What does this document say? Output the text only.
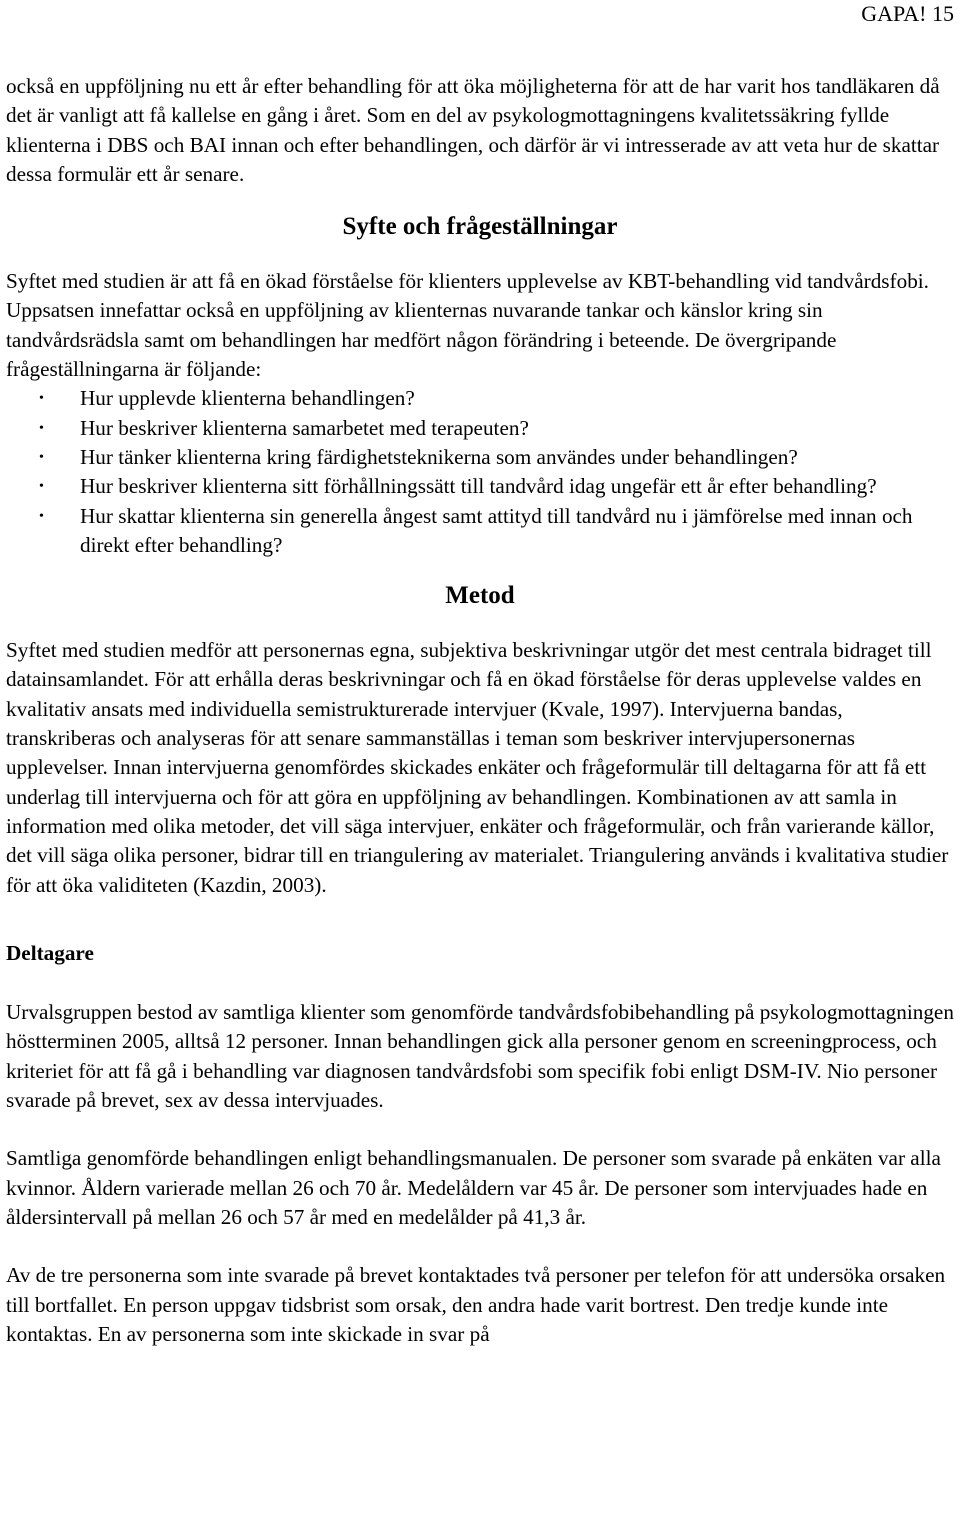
GAPA! 15

också en uppföljning nu ett år efter behandling för att öka möjligheterna för att de har varit hos tandläkaren då det är vanligt att få kallelse en gång i året. Som en del av psykologmottagningens kvalitetssäkring fyllde klienterna i DBS och BAI innan och efter behandlingen, och därför är vi intresserade av att veta hur de skattar dessa formulär ett år senare.

Syfte och frågeställningar

Syftet med studien är att få en ökad förståelse för klienters upplevelse av KBT-behandling vid tandvårdsfobi. Uppsatsen innefattar också en uppföljning av klienternas nuvarande tankar och känslor kring sin tandvårdsrädsla samt om behandlingen har medfört någon förändring i beteende. De övergripande frågeställningarna är följande:

• Hur upplevde klienterna behandlingen?
• Hur beskriver klienterna samarbetet med terapeuten?
• Hur tänker klienterna kring färdighetsteknikerna som användes under behandlingen?
• Hur beskriver klienterna sitt förhållningssätt till tandvård idag ungefär ett år efter behandling?
• Hur skattar klienterna sin generella ångest samt attityd till tandvård nu i jämförelse med innan och direkt efter behandling?
Metod

Syftet med studien medför att personernas egna, subjektiva beskrivningar utgör det mest centrala bidraget till datainsamlandet. För att erhålla deras beskrivningar och få en ökad förståelse för deras upplevelse valdes en kvalitativ ansats med individuella semistrukturerade intervjuer (Kvale, 1997). Intervjuerna bandas, transkriberas och analyseras för att senare sammanställas i teman som beskriver intervjupersonernas upplevelser. Innan intervjuerna genomfördes skickades enkäter och frågeformulär till deltagarna för att få ett underlag till intervjuerna och för att göra en uppföljning av behandlingen. Kombinationen av att samla in information med olika metoder, det vill säga intervjuer, enkäter och frågeformulär, och från varierande källor, det vill säga olika personer, bidrar till en triangulering av materialet. Triangulering används i kvalitativa studier för att öka validiteten (Kazdin, 2003).

Deltagare

Urvalsgruppen bestod av samtliga klienter som genomförde tandvårdsfobibehandling på psykologmottagningen höstterminen 2005, alltså 12 personer. Innan behandlingen gick alla personer genom en screeningprocess, och kriteriet för att få gå i behandling var diagnosen tandvårdsfobi som specifik fobi enligt DSM-IV. Nio personer svarade på brevet, sex av dessa intervjuades.

Samtliga genomförde behandlingen enligt behandlingsmanualen. De personer som svarade på enkäten var alla kvinnor. Åldern varierade mellan 26 och 70 år. Medelåldern var 45 år. De personer som intervjuades hade en åldersintervall på mellan 26 och 57 år med en medelålder på 41,3 år.

Av de tre personerna som inte svarade på brevet kontaktades två personer per telefon för att undersöka orsaken till bortfallet. En person uppgav tidsbrist som orsak, den andra hade varit bortrest. Den tredje kunde inte kontaktas. En av personerna som inte skickade in svar på
